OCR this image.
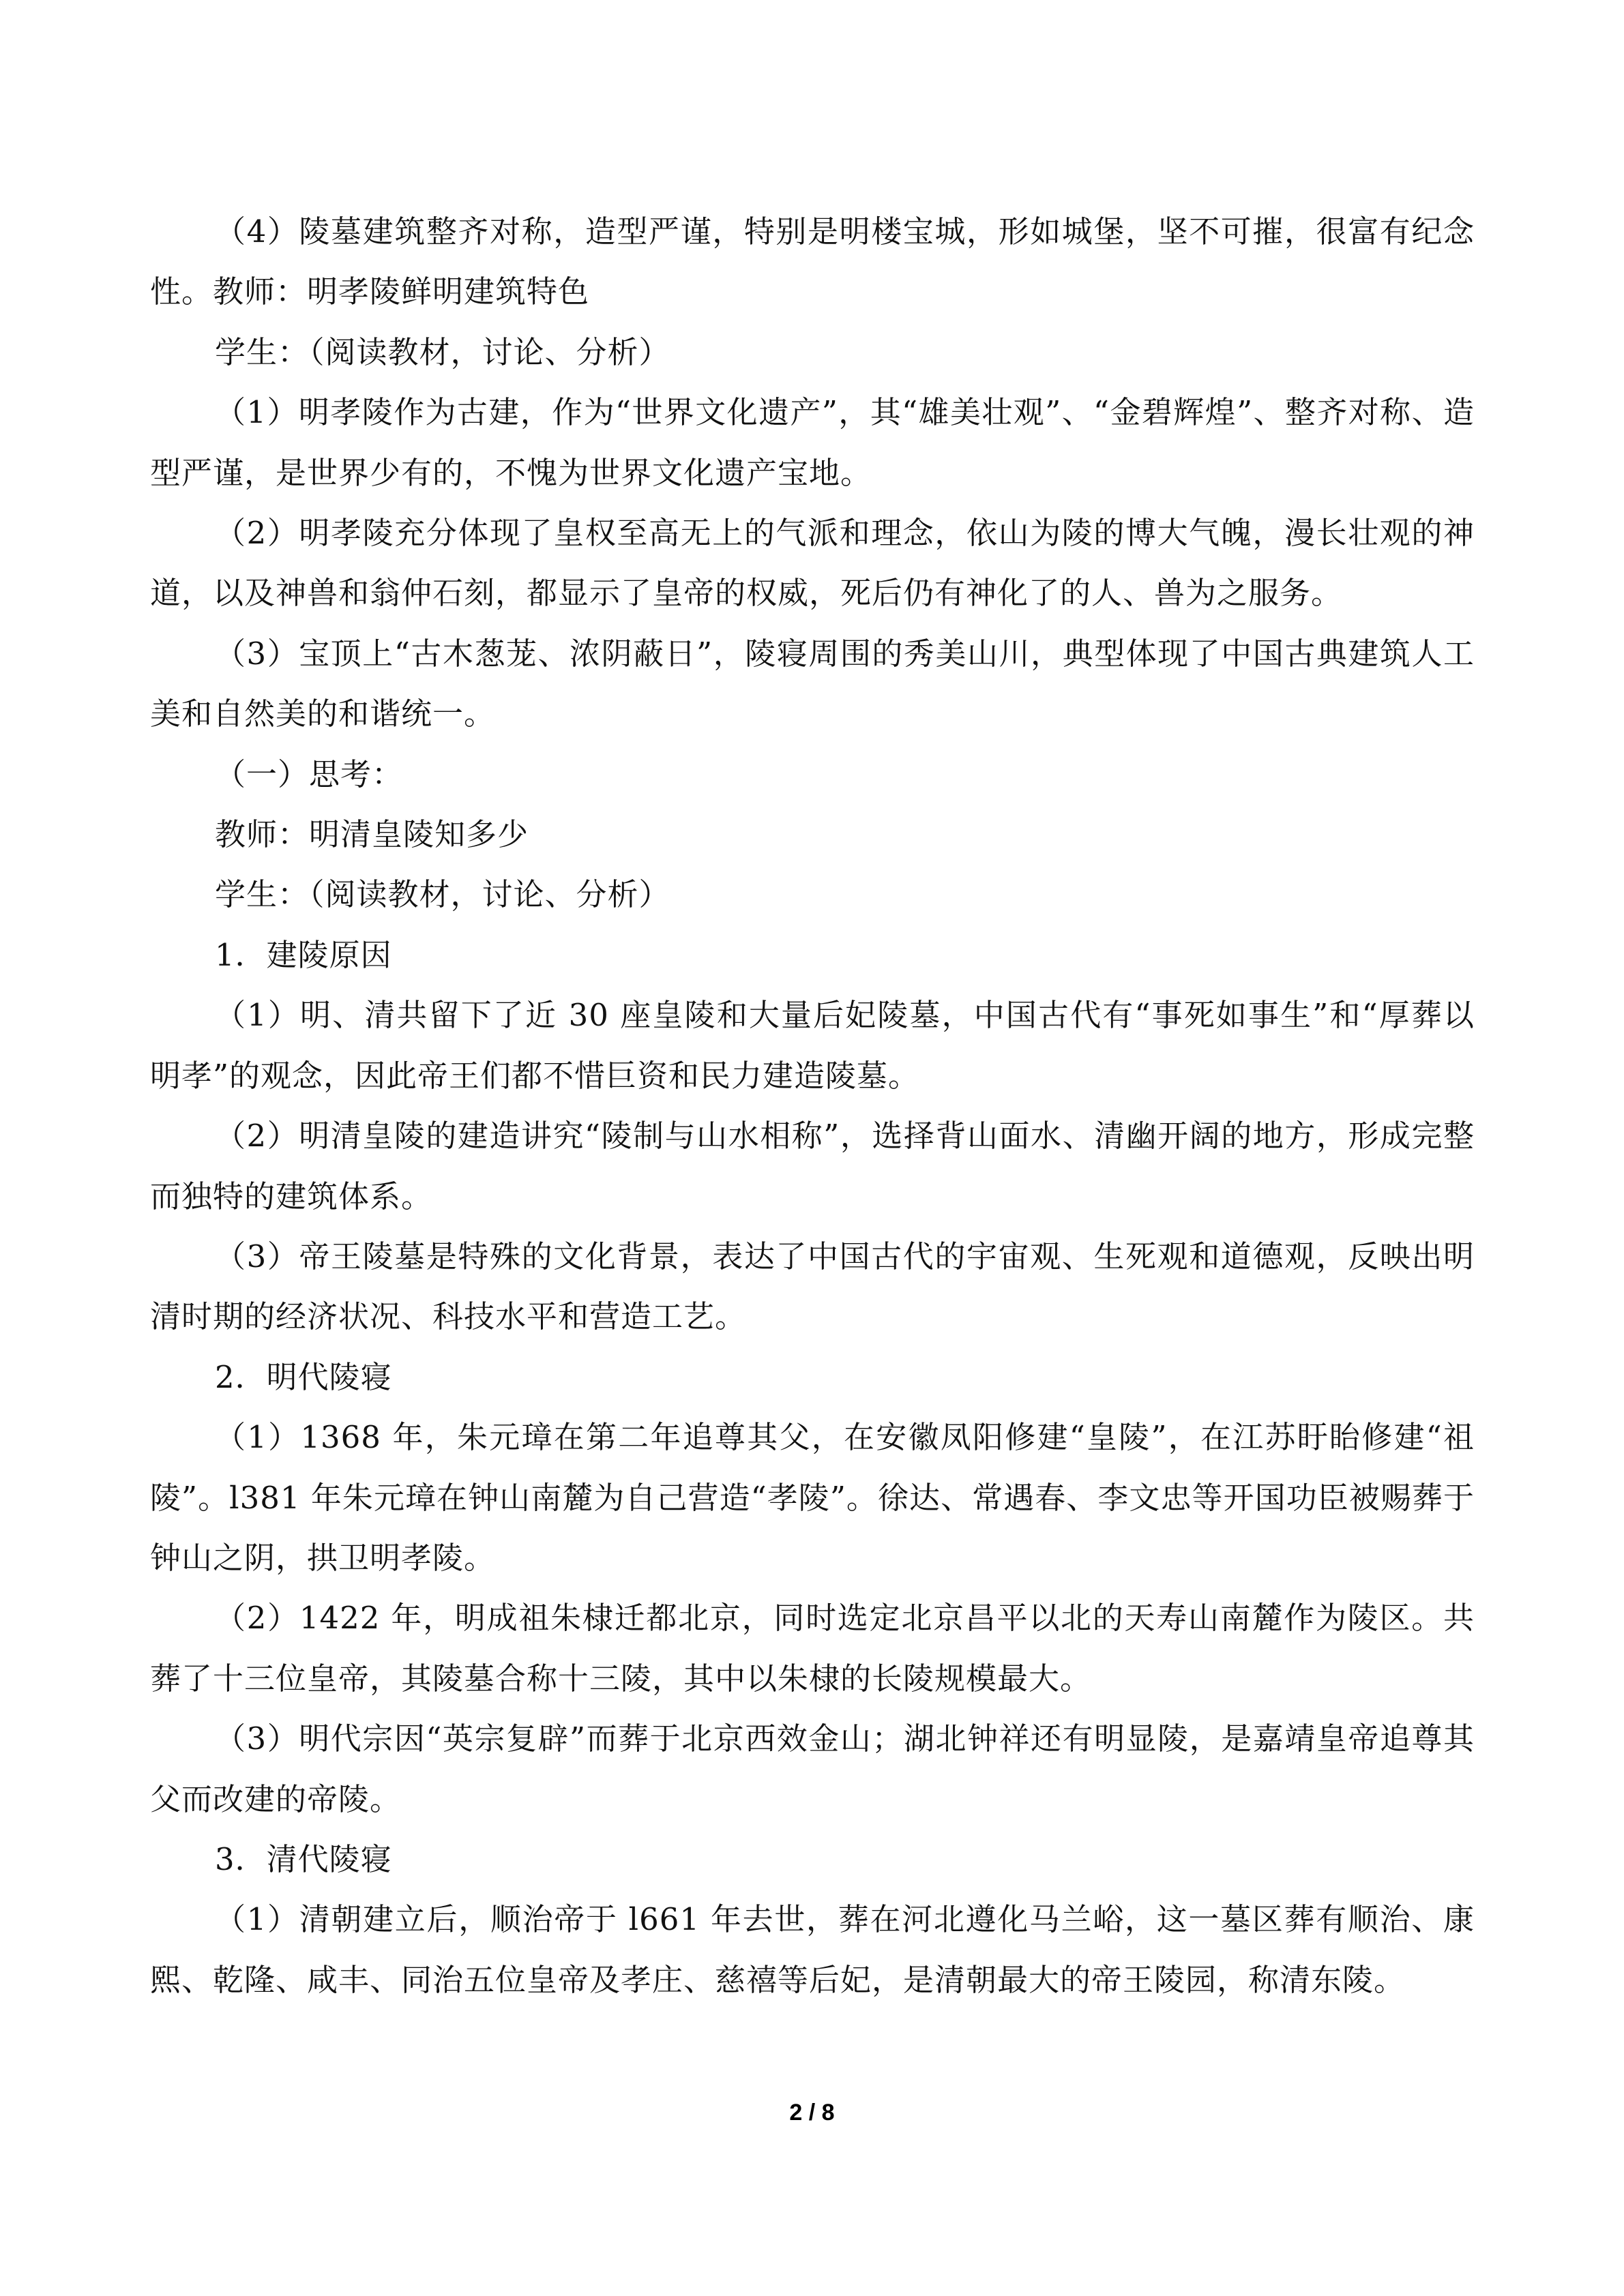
（4）陵墓建筑整齐对称，造型严谨，特别是明楼宝城，形如城堡，坚不可摧，很富有纪念性。教师：明孝陵鲜明建筑特色

学生：（阅读教材，讨论、分析）

（1）明孝陵作为古建，作为“世界文化遗产”，其“雄美壮观”、“金碧辉煌”、整齐对称、造型严谨，是世界少有的，不愧为世界文化遗产宝地。

（2）明孝陵充分体现了皇权至高无上的气派和理念，依山为陵的博大气魄，漫长壮观的神道，以及神兽和翁仲石刻，都显示了皇帝的权威，死后仍有神化了的人、兽为之服务。

（3）宝顶上“古木葱茏、浓阴蔽日”，陵寝周围的秀美山川，典型体现了中国古典建筑人工美和自然美的和谐统一。

（一）思考：

教师：明清皇陵知多少

学生：（阅读教材，讨论、分析）

1．建陵原因

（1）明、清共留下了近 30 座皇陵和大量后妃陵墓，中国古代有“事死如事生”和“厚葬以明孝”的观念，因此帝王们都不惜巨资和民力建造陵墓。

（2）明清皇陵的建造讲究“陵制与山水相称”，选择背山面水、清幽开阔的地方，形成完整而独特的建筑体系。

（3）帝王陵墓是特殊的文化背景，表达了中国古代的宇宙观、生死观和道德观，反映出明清时期的经济状况、科技水平和营造工艺。

2．明代陵寝

（1）1368 年，朱元璋在第二年追尊其父，在安徽凤阳修建“皇陵”，在江苏盱眙修建“祖陵”。l381 年朱元璋在钟山南麓为自己营造“孝陵”。徐达、常遇春、李文忠等开国功臣被赐葬于钟山之阴，拱卫明孝陵。

（2）1422 年，明成祖朱棣迁都北京，同时选定北京昌平以北的天寿山南麓作为陵区。共葬了十三位皇帝，其陵墓合称十三陵，其中以朱棣的长陵规模最大。

（3）明代宗因“英宗复辟”而葬于北京西效金山；湖北钟祥还有明显陵，是嘉靖皇帝追尊其父而改建的帝陵。

3．清代陵寝

（1）清朝建立后，顺治帝于 l661 年去世，葬在河北遵化马兰峪，这一墓区葬有顺治、康熙、乾隆、咸丰、同治五位皇帝及孝庄、慈禧等后妃，是清朝最大的帝王陵园，称清东陵。

2 / 8
